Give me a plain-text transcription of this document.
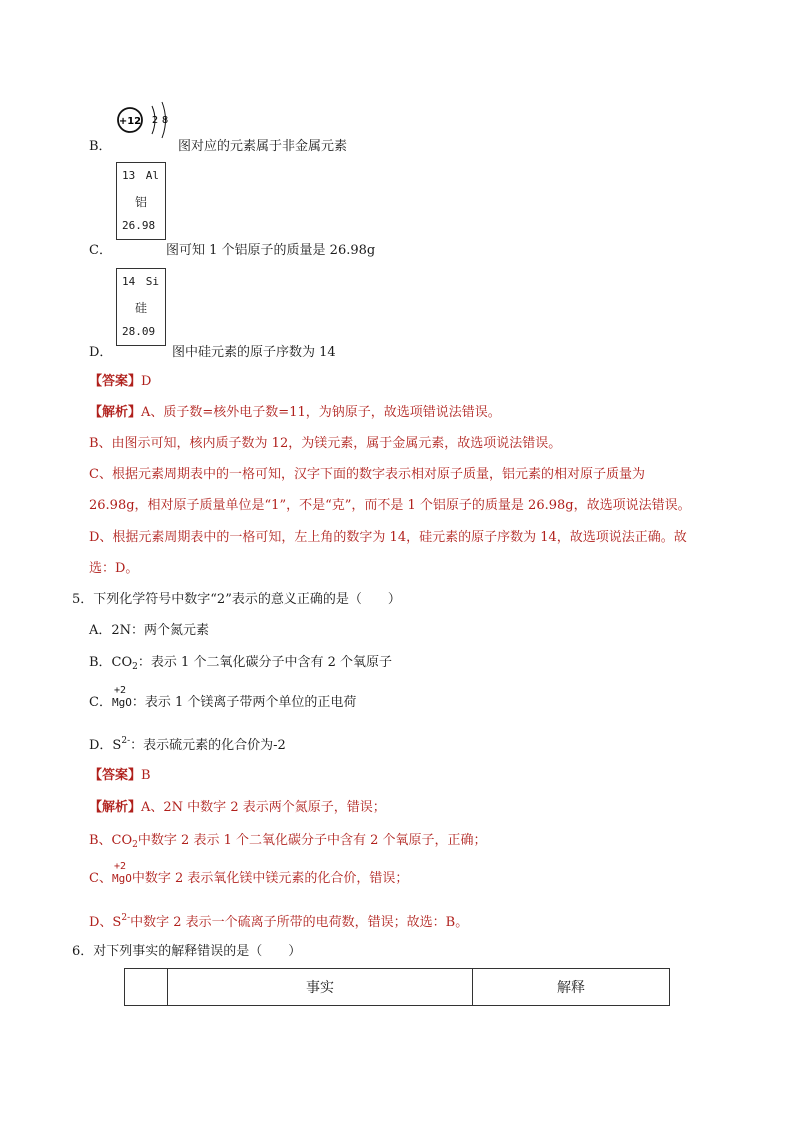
+12 2 8
B．	图对应的元素属于非金属元素
13 Al
铝
26.98
C．	图可知 1 个铝原子的质量是 26.98g
14 Si
硅
28.09
D．	图中硅元素的原子序数为 14
【答案】D
【解析】A、质子数=核外电子数=11，为钠原子，故选项错说法错误。
B、由图示可知，核内质子数为 12，为镁元素，属于金属元素，故选项说法错误。
C、根据元素周期表中的一格可知，汉字下面的数字表示相对原子质量，铝元素的相对原子质量为
26.98g，相对原子质量单位是“1”，不是“克”，而不是 1 个铝原子的质量是 26.98g，故选项说法错误。
D、根据元素周期表中的一格可知，左上角的数字为 14，硅元素的原子序数为 14，故选项说法正确。故
选：D。
5．下列化学符号中数字“2”表示的意义正确的是（　　）
A．2N：两个氮元素
B．$CO_2$：表示 1 个二氧化碳分子中含有 2 个氧原子
C．
+2
MgO：表示 1 个镁离子带两个单位的正电荷
D．$S^{2-}$：表示硫元素的化合价为-2
【答案】B
【解析】A、2N 中数字 2 表示两个氮原子，错误；
B、$CO_2$中数字 2 表示 1 个二氧化碳分子中含有 2 个氧原子，正确；
C、
+2
MgO中数字 2 表示氧化镁中镁元素的化合价，错误；
D、$S^{2-}$中数字 2 表示一个硫离子所带的电荷数，错误；故选：B。
6．对下列事实的解释错误的是（　　）
	事实	解释
